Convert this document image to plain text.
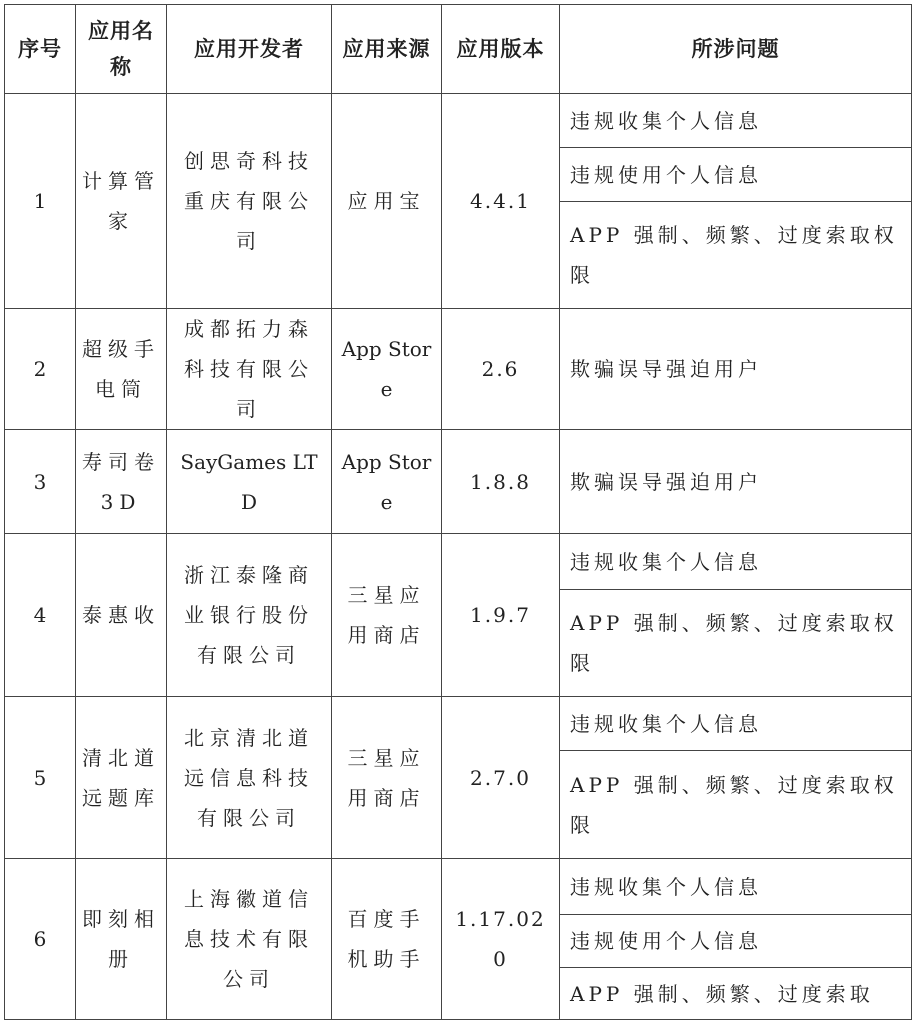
序号	应用名称	应用开发者	应用来源	应用版本	所涉问题
1	计算管家	创思奇科技重庆有限公司	应用宝	4.4.1	违规收集个人信息
					违规使用个人信息
					APP 强制、频繁、过度索取权限
2	超级手电筒	成都拓力森科技有限公司	App Store	2.6	欺骗误导强迫用户
3	寿司卷3D	SayGames LTD	App Store	1.8.8	欺骗误导强迫用户
4	泰惠收	浙江泰隆商业银行股份有限公司	三星应用商店	1.9.7	违规收集个人信息
					APP 强制、频繁、过度索取权限
5	清北道远题库	北京清北道远信息科技有限公司	三星应用商店	2.7.0	违规收集个人信息
					APP 强制、频繁、过度索取权限
6	即刻相册	上海徽道信息技术有限公司	百度手机助手	1.17.020	违规收集个人信息
					违规使用个人信息
					APP 强制、频繁、过度索取
